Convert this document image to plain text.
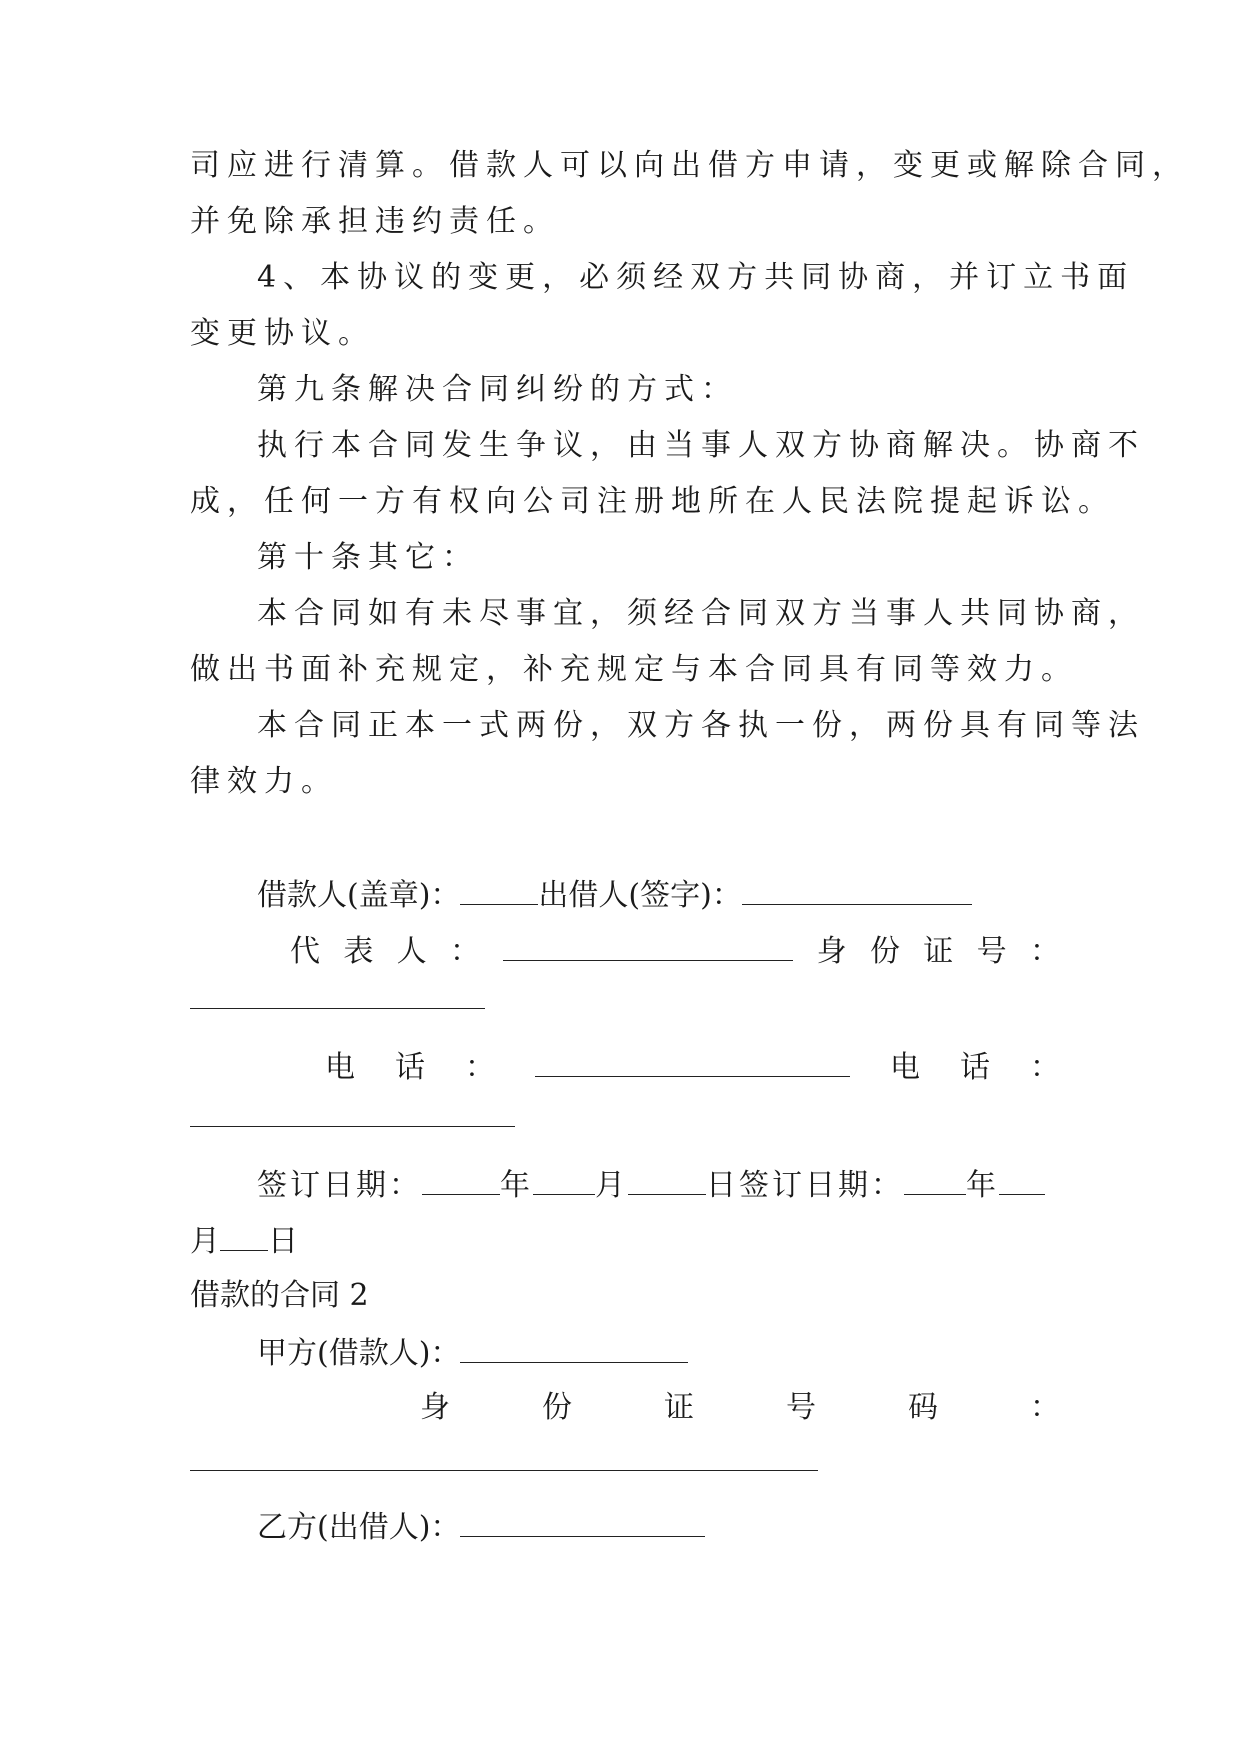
司应进行清算。借款人可以向出借方申请，变更或解除合同，
并免除承担违约责任。
4、本协议的变更，必须经双方共同协商，并订立书面
变更协议。
第九条解决合同纠纷的方式：
执行本合同发生争议，由当事人双方协商解决。协商不
成，任何一方有权向公司注册地所在人民法院提起诉讼。
第十条其它：
本合同如有未尽事宜，须经合同双方当事人共同协商，
做出书面补充规定，补充规定与本合同具有同等效力。
本合同正本一式两份，双方各执一份，两份具有同等法
律效力。
借款人(盖章)：	出借人(签字)：
代 表 人 ：	身 份 证 号 ：
电 话 ：	电 话 ：
签订日期：	年 月	日签订日期： 年
月 日
借款的合同 2
甲方(借款人)：
身	份	证	号	码	：
乙方(出借人)：
